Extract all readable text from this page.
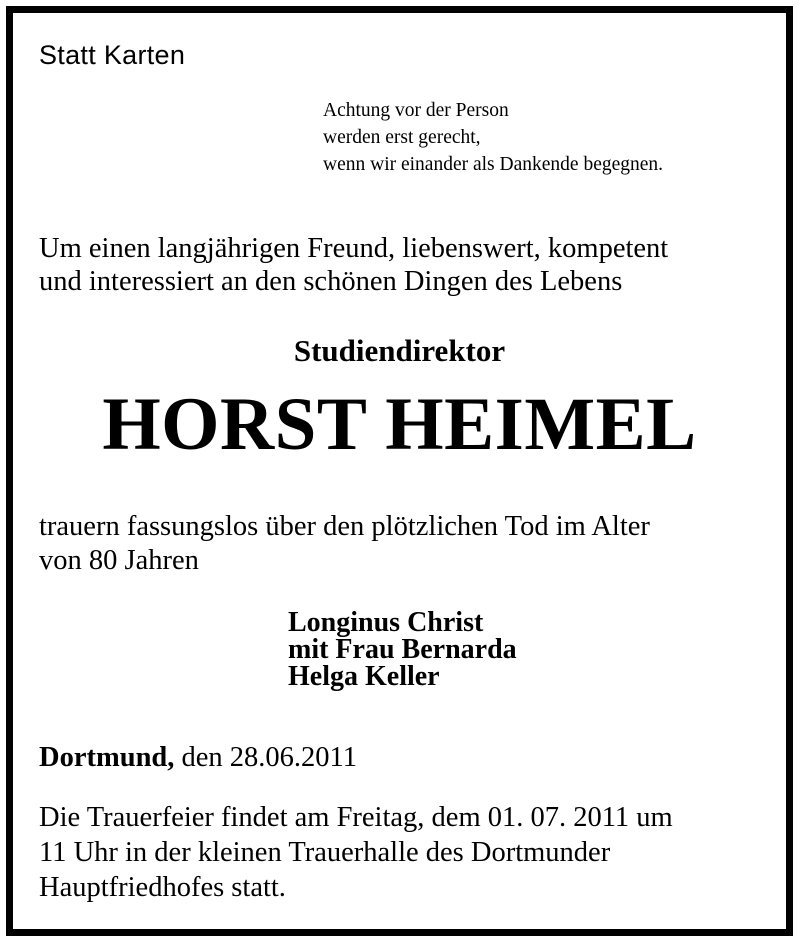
Statt Karten
Achtung vor der Person
werden erst gerecht,
wenn wir einander als Dankende begegnen.
Um einen langjährigen Freund, liebenswert, kompetent
und interessiert an den schönen Dingen des Lebens
Studiendirektor
HORST HEIMEL
trauern fassungslos über den plötzlichen Tod im Alter
von 80 Jahren
Longinus Christ
mit Frau Bernarda
Helga Keller
Dortmund, den 28.06.2011
Die Trauerfeier findet am Freitag, dem 01. 07. 2011 um
11 Uhr in der kleinen Trauerhalle des Dortmunder
Hauptfriedhofes statt.
